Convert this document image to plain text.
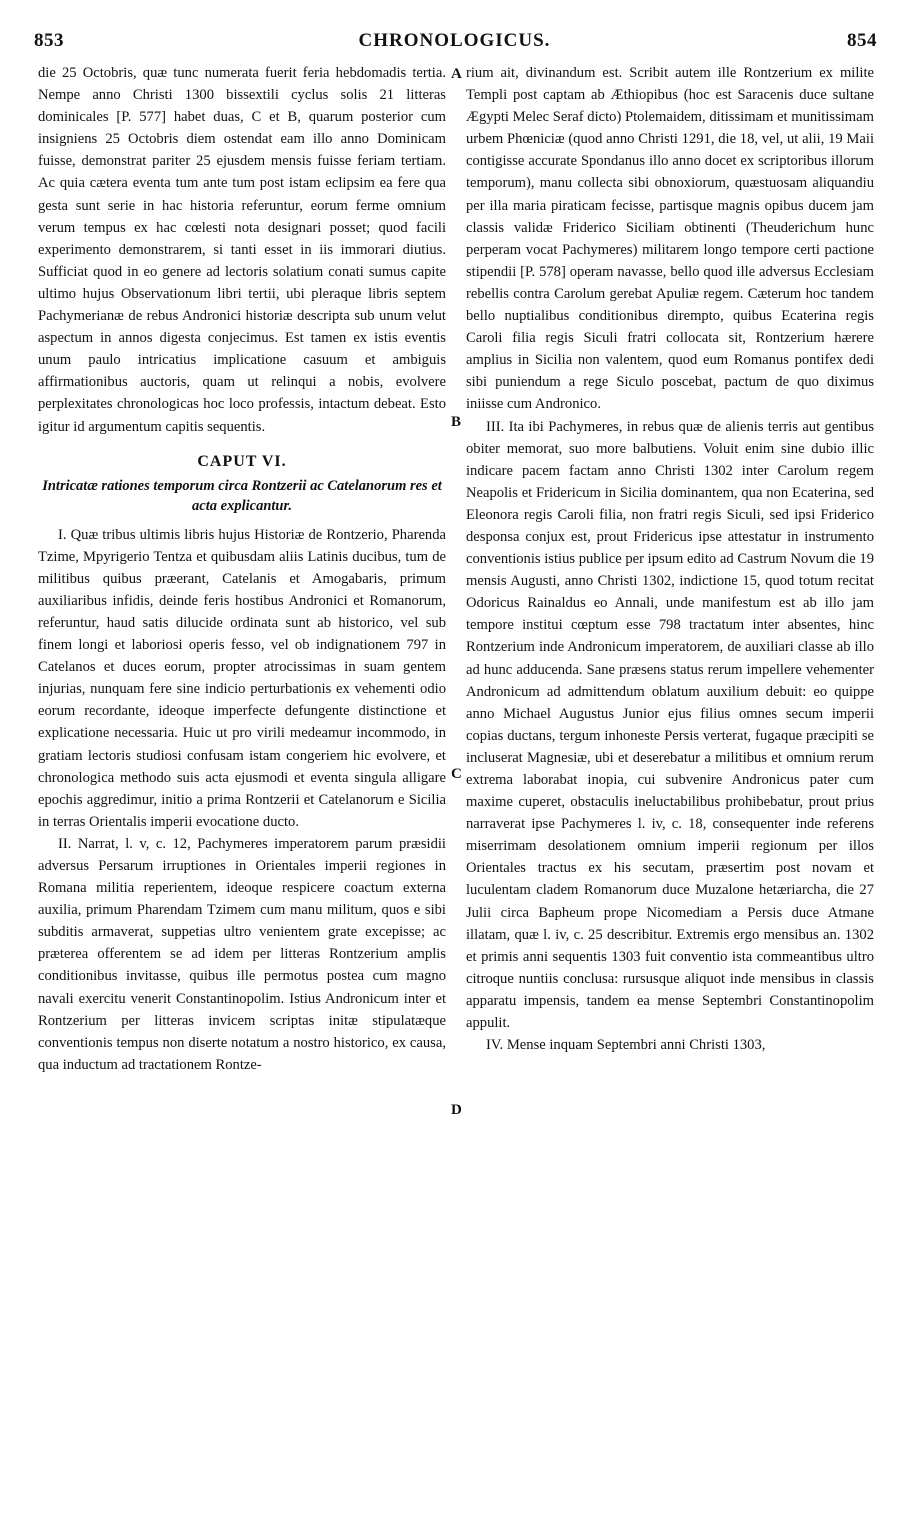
853	CHRONOLOGICUS.	854

die 25 Octobris, quæ tunc numerata fuerit feria hebdomadis tertia. Nempe anno Christi 1300 bissextili cyclus solis 21 litteras dominicales [P. 577] habet duas, C et B, quarum posterior cum insigniens 25 Octobris diem ostendat eam illo anno Dominicam fuisse, demonstrat pariter 25 ejusdem mensis fuisse feriam tertiam. Ac quia cætera eventa tum ante tum post istam eclipsim ea fere qua gesta sunt serie in hac historia referuntur, eorum ferme omnium verum tempus ex hac cœlesti nota designari posset; quod facili experimento demonstrarem, si tanti esset in iis immorari diutius. Sufficiat quod in eo genere ad lectoris solatium conati sumus capite ultimo hujus Observationum libri tertii, ubi pleraque libris septem Pachymerianæ de rebus Andronici historiæ descripta sub unum velut aspectum in annos digesta conjecimus. Est tamen ex istis eventis unum paulo intricatius implicatione casuum et ambiguis affirmationibus auctoris, quam ut relinqui a nobis, evolvere perplexitates chronologicas hoc loco professis, intactum debeat. Esto igitur id argumentum capitis sequentis.

CAPUT VI.
Intricatæ rationes temporum circa Rontzerii ac Catelanorum res et acta explicantur.

I. Quæ tribus ultimis libris hujus Historiæ de Rontzerio, Pharenda Tzime, Mpyrigerio Tentza et quibusdam aliis Latinis ducibus, tum de militibus quibus præerant, Catelanis et Amogabaris, primum auxiliaribus infidis, deinde feris hostibus Andronici et Romanorum, referuntur, haud satis dilucide ordinata sunt ab historico, vel sub finem longi et laboriosi operis fesso, vel ob indignationem 797 in Catelanos et duces eorum, propter atrocissimas in suam gentem injurias, nunquam fere sine indicio perturbationis ex vehementi odio eorum recordante, ideoque imperfecte defungente distinctione et explicatione necessaria. Huic ut pro virili medeamur incommodo, in gratiam lectoris studiosi confusam istam congeriem hic evolvere, et chronologica methodo suis acta ejusmodi et eventa singula alligare epochis aggredimur, initio a prima Rontzerii et Catelanorum e Sicilia in terras Orientalis imperii evocatione ducto.

II. Narrat, l. v, c. 12, Pachymeres imperatorem parum præsidii adversus Persarum irruptiones in Orientales imperii regiones in Romana militia reperientem, ideoque respicere coactum externa auxilia, primum Pharendam Tzimem cum manu militum, quos e sibi subditis armaverat, suppetias ultro venientem grate excepisse; ac præterea offerentem se ad idem per litteras Rontzerium amplis conditionibus invitasse, quibus ille permotus postea cum magno navali exercitu venerit Constantinopolim. Istius Andronicum inter et Rontzerium per litteras invicem scriptas initæ stipulatæque conventionis tempus non diserte notatum a nostro historico, ex causa, qua inductum ad tractationem Rontze-

rium ait, divinandum est. Scribit autem ille Rontzerium ex milite Templi post captam ab Æthiopibus (hoc est Saracenis duce sultane Ægypti Melec Seraf dicto) Ptolemaidem, ditissimam et munitissimam urbem Phœniciæ (quod anno Christi 1291, die 18, vel, ut alii, 19 Maii contigisse accurate Spondanus illo anno docet ex scriptoribus illorum temporum), manu collecta sibi obnoxiorum, quæstuosam aliquandiu per illa maria piraticam fecisse, partisque magnis opibus ducem jam classis validæ Friderico Siciliam obtinenti (Theuderichum hunc perperam vocat Pachymeres) militarem longo tempore certi pactione stipendii [P. 578] operam navasse, bello quod ille adversus Ecclesiam rebellis contra Carolum gerebat Apuliæ regem. Cæterum hoc tandem bello nuptialibus conditionibus dirempto, quibus Ecaterina regis Caroli filia regis Siculi fratri collocata sit, Rontzerium hærere amplius in Sicilia non valentem, quod eum Romanus pontifex dedi sibi puniendum a rege Siculo poscebat, pactum de quo diximus iniisse cum Andronico.

III. Ita ibi Pachymeres, in rebus quæ de alienis terris aut gentibus obiter memorat, suo more balbutiens. Voluit enim sine dubio illic indicare pacem factam anno Christi 1302 inter Carolum regem Neapolis et Fridericum in Sicilia dominantem, qua non Ecaterina, sed Eleonora regis Caroli filia, non fratri regis Siculi, sed ipsi Friderico desponsa conjux est, prout Fridericus ipse attestatur in instrumento conventionis istius publice per ipsum edito ad Castrum Novum die 19 mensis Augusti, anno Christi 1302, indictione 15, quod totum recitat Odoricus Rainaldus eo Annali, unde manifestum est ab illo jam tempore institui cœptum esse 798 tractatum inter absentes, hinc Rontzerium inde Andronicum imperatorem, de auxiliari classe ab illo ad hunc adducenda. Sane præsens status rerum impellere vehementer Andronicum ad admittendum oblatum auxilium debuit: eo quippe anno Michael Augustus Junior ejus filius omnes secum imperii copias ductans, tergum inhoneste Persis verterat, fugaque præcipiti se incluserat Magnesiæ, ubi et deserebatur a militibus et omnium rerum extrema laborabat inopia, cui subvenire Andronicus pater cum maxime cuperet, obstaculis ineluctabilibus prohibebatur, prout prius narraverat ipse Pachymeres l. iv, c. 18, consequenter inde referens miserrimam desolationem omnium imperii regionum per illos Orientales tractus ex his secutam, præsertim post novam et luculentam cladem Romanorum duce Muzalone hetæriarcha, die 27 Julii circa Bapheum prope Nicomediam a Persis duce Atmane illatam, quæ l. iv, c. 25 describitur. Extremis ergo mensibus an. 1302 et primis anni sequentis 1303 fuit conventio ista commeantibus ultro citroque nuntiis conclusa: rursusque aliquot inde mensibus in classis apparatu impensis, tandem ea mense Septembri Constantinopolim appulit.

IV. Mense inquam Septembri anni Christi 1303,

A
B
C
D
